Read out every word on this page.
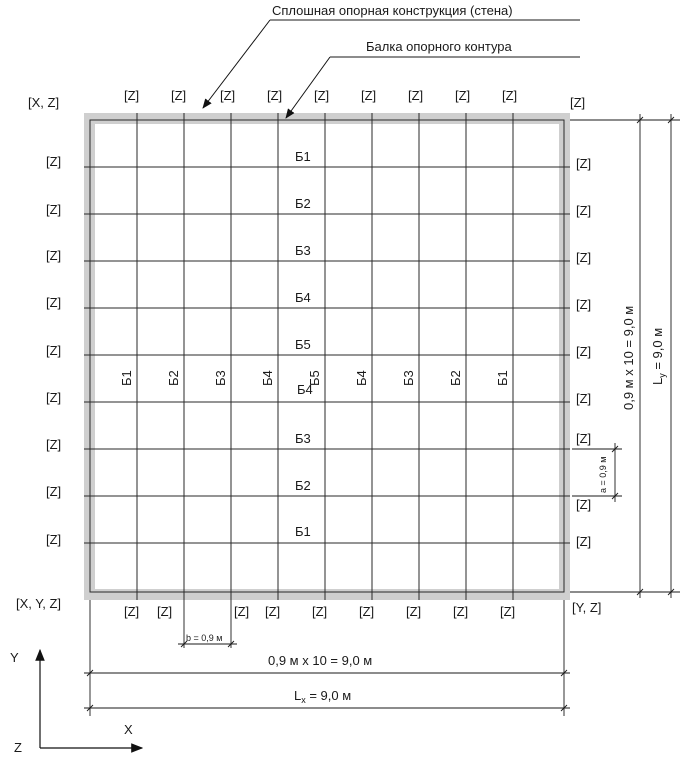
Сплошная опорная конструкция (стена)
Балка опорного контура
[X, Z]	[Z]
[X, Y, Z]	[Y, Z]
[Z] [Z]	[Z] [Z] [Z] [Z] [Z] [Z] [Z]
[Z] [Z]	[Z] [Z] [Z] [Z] [Z] [Z] [Z]
[Z]
[Z]
[Z]
[Z]
[Z]
[Z]
[Z]
[Z]
[Z]
[Z]
[Z]
[Z]
[Z]
[Z]
[Z]
[Z]
[Z]
[Z]
Б1
Б2
Б3
Б4
Б5
Б4
Б3
Б2
Б1
Б1 Б2 Б3 Б4 Б5 Б4 Б3 Б2 Б1
b = 0,9 м
a = 0,9 м
0,9 м x 10 = 9,0 м
$L_x = 9,0$ м
0,9 м x 10 = 9,0 м $L_y = 9,0$ м
Y
X
Z
